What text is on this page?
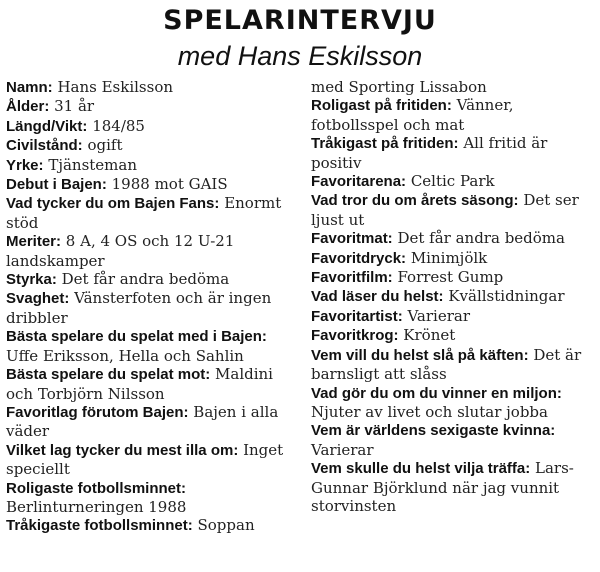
SPELARINTERVJU
med Hans Eskilsson
Namn: Hans Eskilsson
Ålder: 31 år
Längd/Vikt: 184/85
Civilstånd: ogift
Yrke: Tjänsteman
Debut i Bajen: 1988 mot GAIS
Vad tycker du om Bajen Fans: Enormt stöd
Meriter: 8 A, 4 OS och 12 U-21 landskamper
Styrka: Det får andra bedöma
Svaghet: Vänsterfoten och är ingen dribbler
Bästa spelare du spelat med i Bajen: Uffe Eriksson, Hella och Sahlin
Bästa spelare du spelat mot: Maldini och Torbjörn Nilsson
Favoritlag förutom Bajen: Bajen i alla väder
Vilket lag tycker du mest illa om: Inget speciellt
Roligaste fotbollsminnet: Berlinturneringen 1988
Tråkigaste fotbollsminnet: Soppan
med Sporting Lissabon
Roligast på fritiden: Vänner, fotbollsspel och mat
Tråkigast på fritiden: All fritid är positiv
Favoritarena: Celtic Park
Vad tror du om årets säsong: Det ser ljust ut
Favoritmat: Det får andra bedöma
Favoritdryck: Minimjölk
Favoritfilm: Forrest Gump
Vad läser du helst: Kvällstidningar
Favoritartist: Varierar
Favoritkrog: Krönet
Vem vill du helst slå på käften: Det är barnsligt att slåss
Vad gör du om du vinner en miljon: Njuter av livet och slutar jobba
Vem är världens sexigaste kvinna: Varierar
Vem skulle du helst vilja träffa: Lars-Gunnar Björklund när jag vunnit storvinsten
